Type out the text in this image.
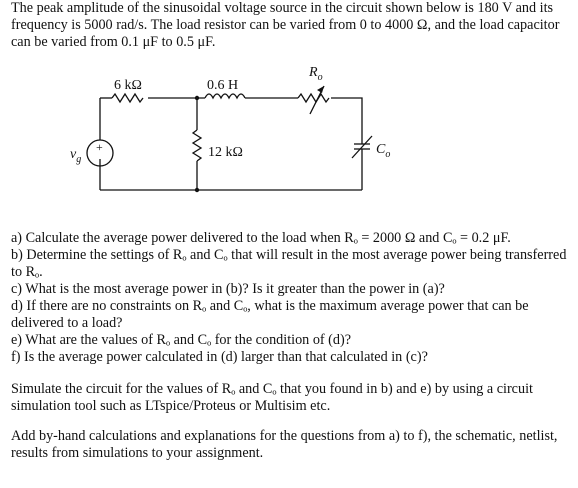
The peak amplitude of the sinusoidal voltage source in the circuit shown below is 180 V and its frequency is 5000 rad/s. The load resistor can be varied from 0 to 4000 Ω, and the load capacitor can be varied from 0.1 μF to 0.5 μF.

+
$v_g$
6 kΩ	0.6 H
$R_o$
12 kΩ	$C_o$

a) Calculate the average power delivered to the load when Rₒ = 2000 Ω and Cₒ = 0.2 μF.

b) Determine the settings of Rₒ and Cₒ that will result in the most average power being transferred to Rₒ.

c) What is the most average power in (b)? Is it greater than the power in (a)?

d) If there are no constraints on Rₒ and Cₒ, what is the maximum average power that can be delivered to a load?

e) What are the values of Rₒ and Cₒ for the condition of (d)?

f) Is the average power calculated in (d) larger than that calculated in (c)?

Simulate the circuit for the values of Rₒ and Cₒ that you found in b) and e) by using a circuit simulation tool such as LTspice/Proteus or Multisim etc.

Add by-hand calculations and explanations for the questions from a) to f), the schematic, netlist, results from simulations to your assignment.
